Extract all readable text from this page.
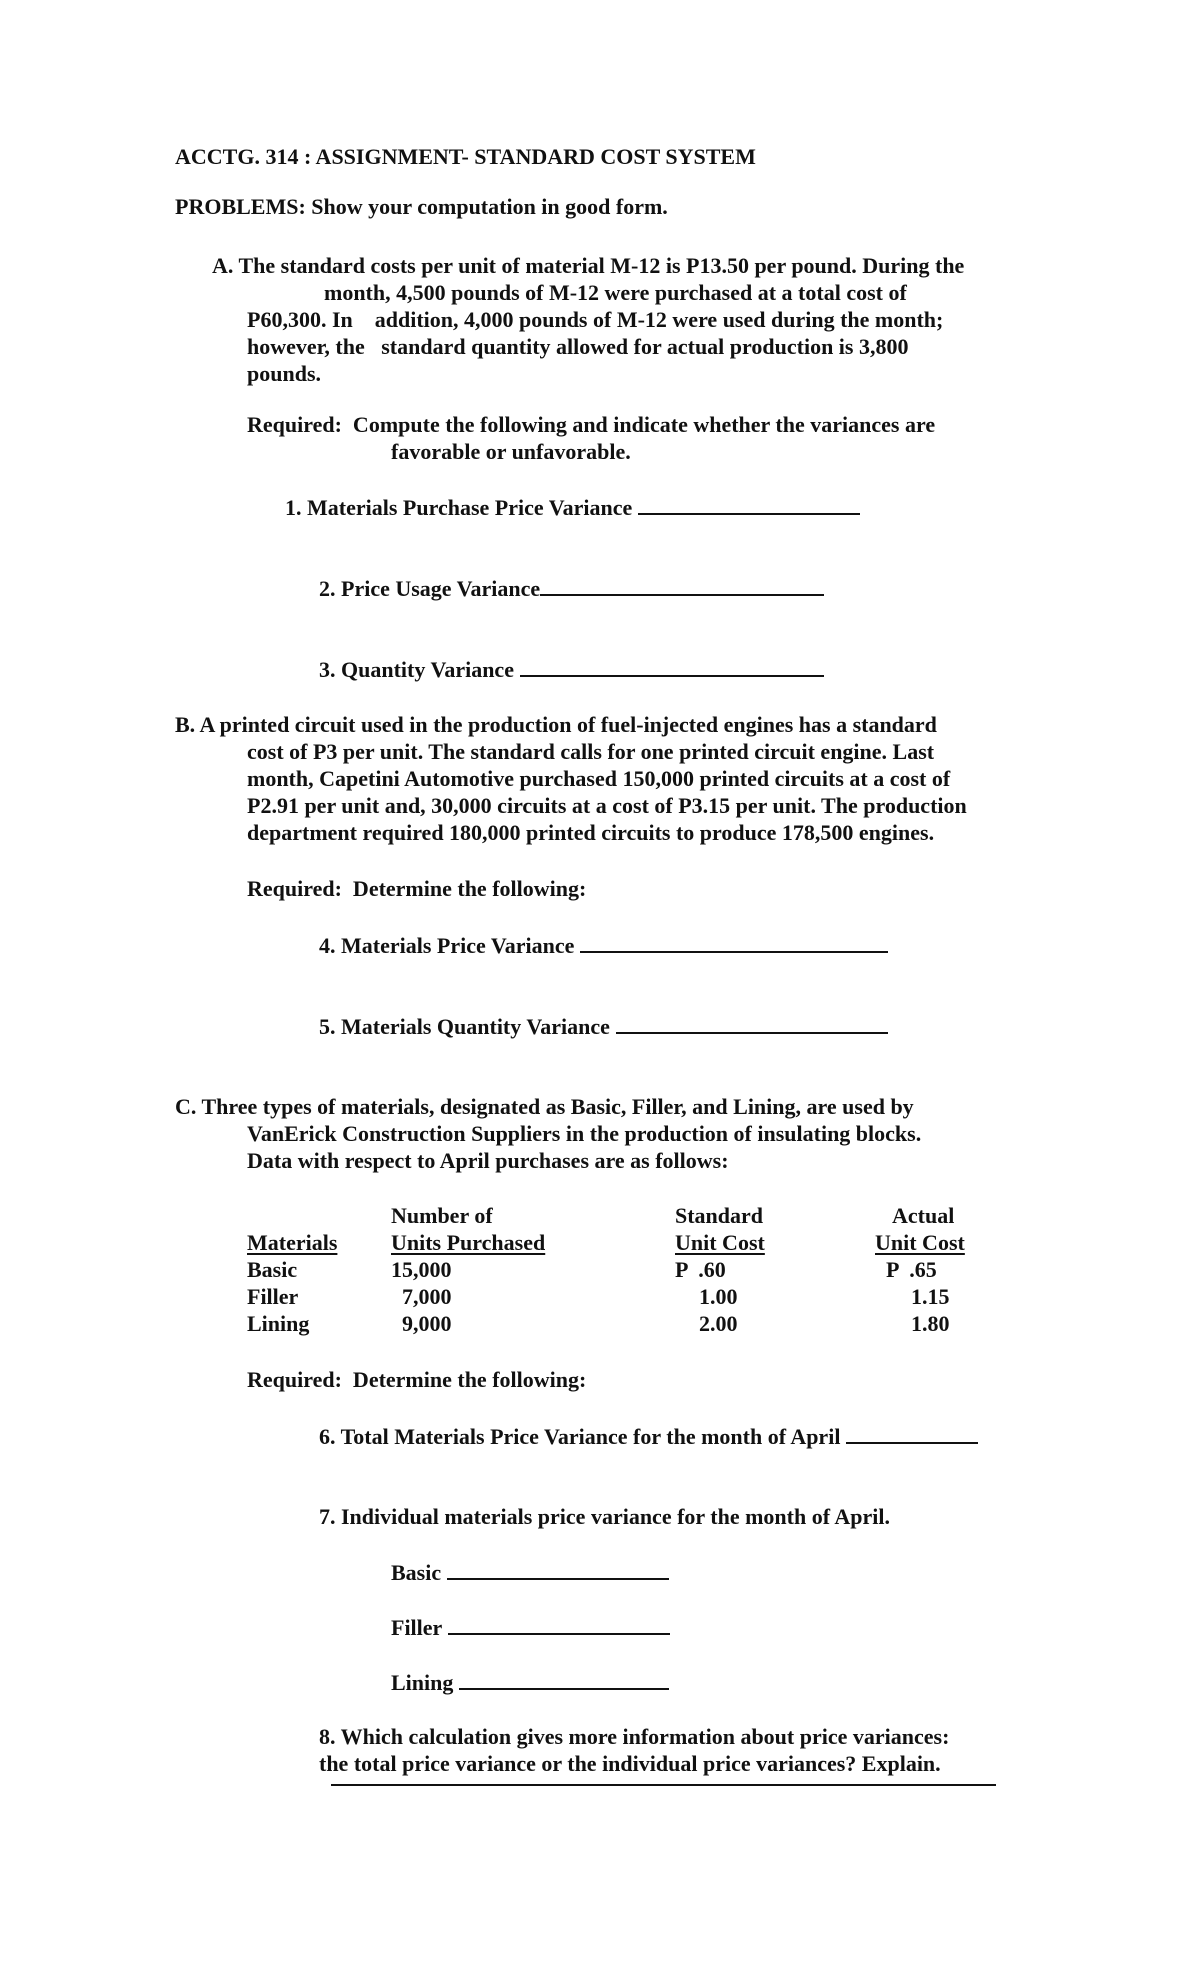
ACCTG. 314 : ASSIGNMENT- STANDARD COST SYSTEM
PROBLEMS: Show your computation in good form.
A. The standard costs per unit of material M-12 is P13.50 per pound. During the
month, 4,500 pounds of M-12 were purchased at a total cost of
P60,300. In    addition, 4,000 pounds of M-12 were used during the month;
however, the   standard quantity allowed for actual production is 3,800
pounds.
Required:  Compute the following and indicate whether the variances are
favorable or unfavorable.
1. Materials Purchase Price Variance
2. Price Usage Variance
3. Quantity Variance
B. A printed circuit used in the production of fuel-injected engines has a standard
cost of P3 per unit. The standard calls for one printed circuit engine. Last
month, Capetini Automotive purchased 150,000 printed circuits at a cost of
P2.91 per unit and, 30,000 circuits at a cost of P3.15 per unit. The production
department required 180,000 printed circuits to produce 178,500 engines.
Required:  Determine the following:
4. Materials Price Variance
5. Materials Quantity Variance
C. Three types of materials, designated as Basic, Filler, and Lining, are used by
VanErick Construction Suppliers in the production of insulating blocks.
Data with respect to April purchases are as follows:
Number of	Standard	Actual
Materials Units Purchased	Unit Cost	Unit Cost
Basic	15,000	P  .60	P  .65
Filler	7,000	1.00	1.15
Lining	9,000	2.00	1.80
Required:  Determine the following:
6. Total Materials Price Variance for the month of April
7. Individual materials price variance for the month of April.
Basic
Filler
Lining
8. Which calculation gives more information about price variances:
the total price variance or the individual price variances? Explain.
